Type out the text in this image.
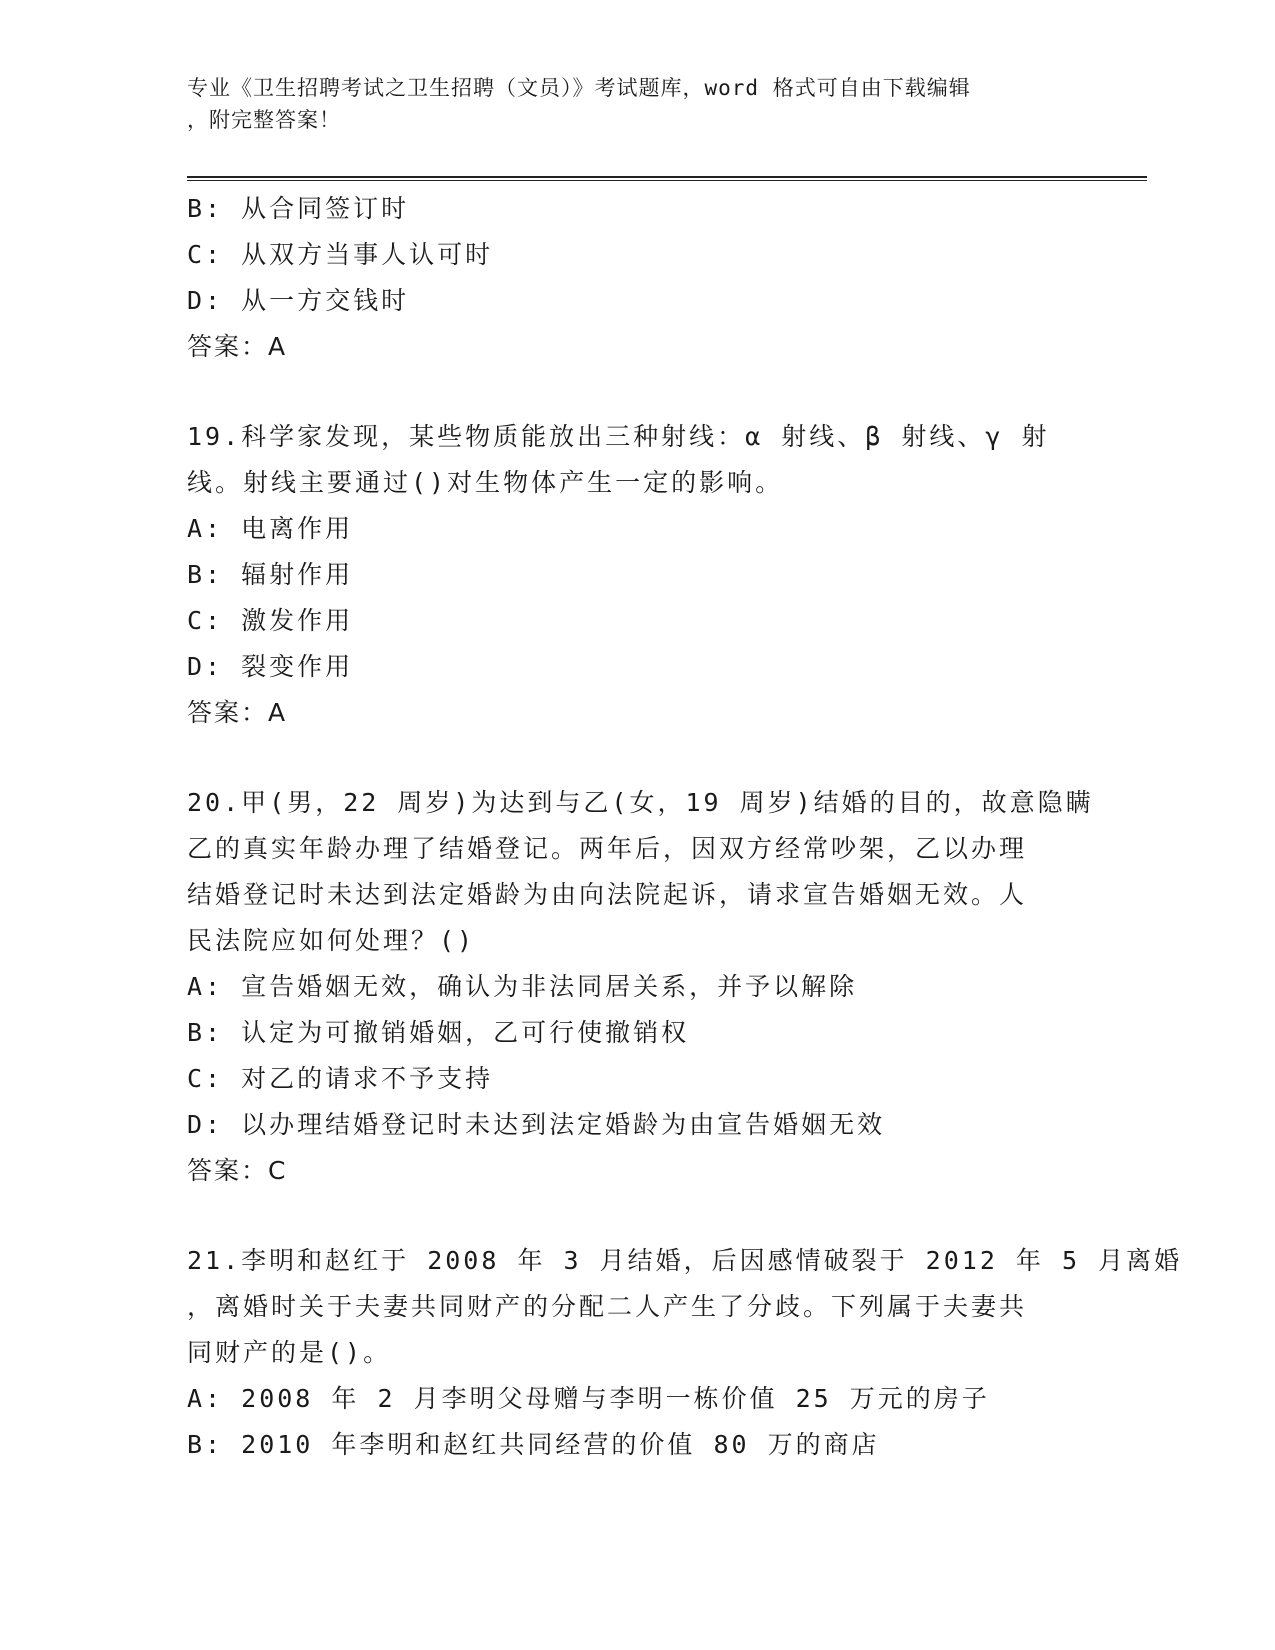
专业《卫生招聘考试之卫生招聘（文员）》考试题库，word 格式可自由下载编辑
，附完整答案！
B: 从合同签订时
C: 从双方当事人认可时
D: 从一方交钱时
答案：A
19.科学家发现，某些物质能放出三种射线：α 射线、β 射线、γ 射
线。射线主要通过()对生物体产生一定的影响。
A: 电离作用
B: 辐射作用
C: 激发作用
D: 裂变作用
答案：A
20.甲(男，22 周岁)为达到与乙(女，19 周岁)结婚的目的，故意隐瞒
乙的真实年龄办理了结婚登记。两年后，因双方经常吵架，乙以办理
结婚登记时未达到法定婚龄为由向法院起诉，请求宣告婚姻无效。人
民法院应如何处理？()
A: 宣告婚姻无效，确认为非法同居关系，并予以解除
B: 认定为可撤销婚姻，乙可行使撤销权
C: 对乙的请求不予支持
D: 以办理结婚登记时未达到法定婚龄为由宣告婚姻无效
答案：C
21.李明和赵红于 2008 年 3 月结婚，后因感情破裂于 2012 年 5 月离婚
，离婚时关于夫妻共同财产的分配二人产生了分歧。下列属于夫妻共
同财产的是()。
A: 2008 年 2 月李明父母赠与李明一栋价值 25 万元的房子
B: 2010 年李明和赵红共同经营的价值 80 万的商店
